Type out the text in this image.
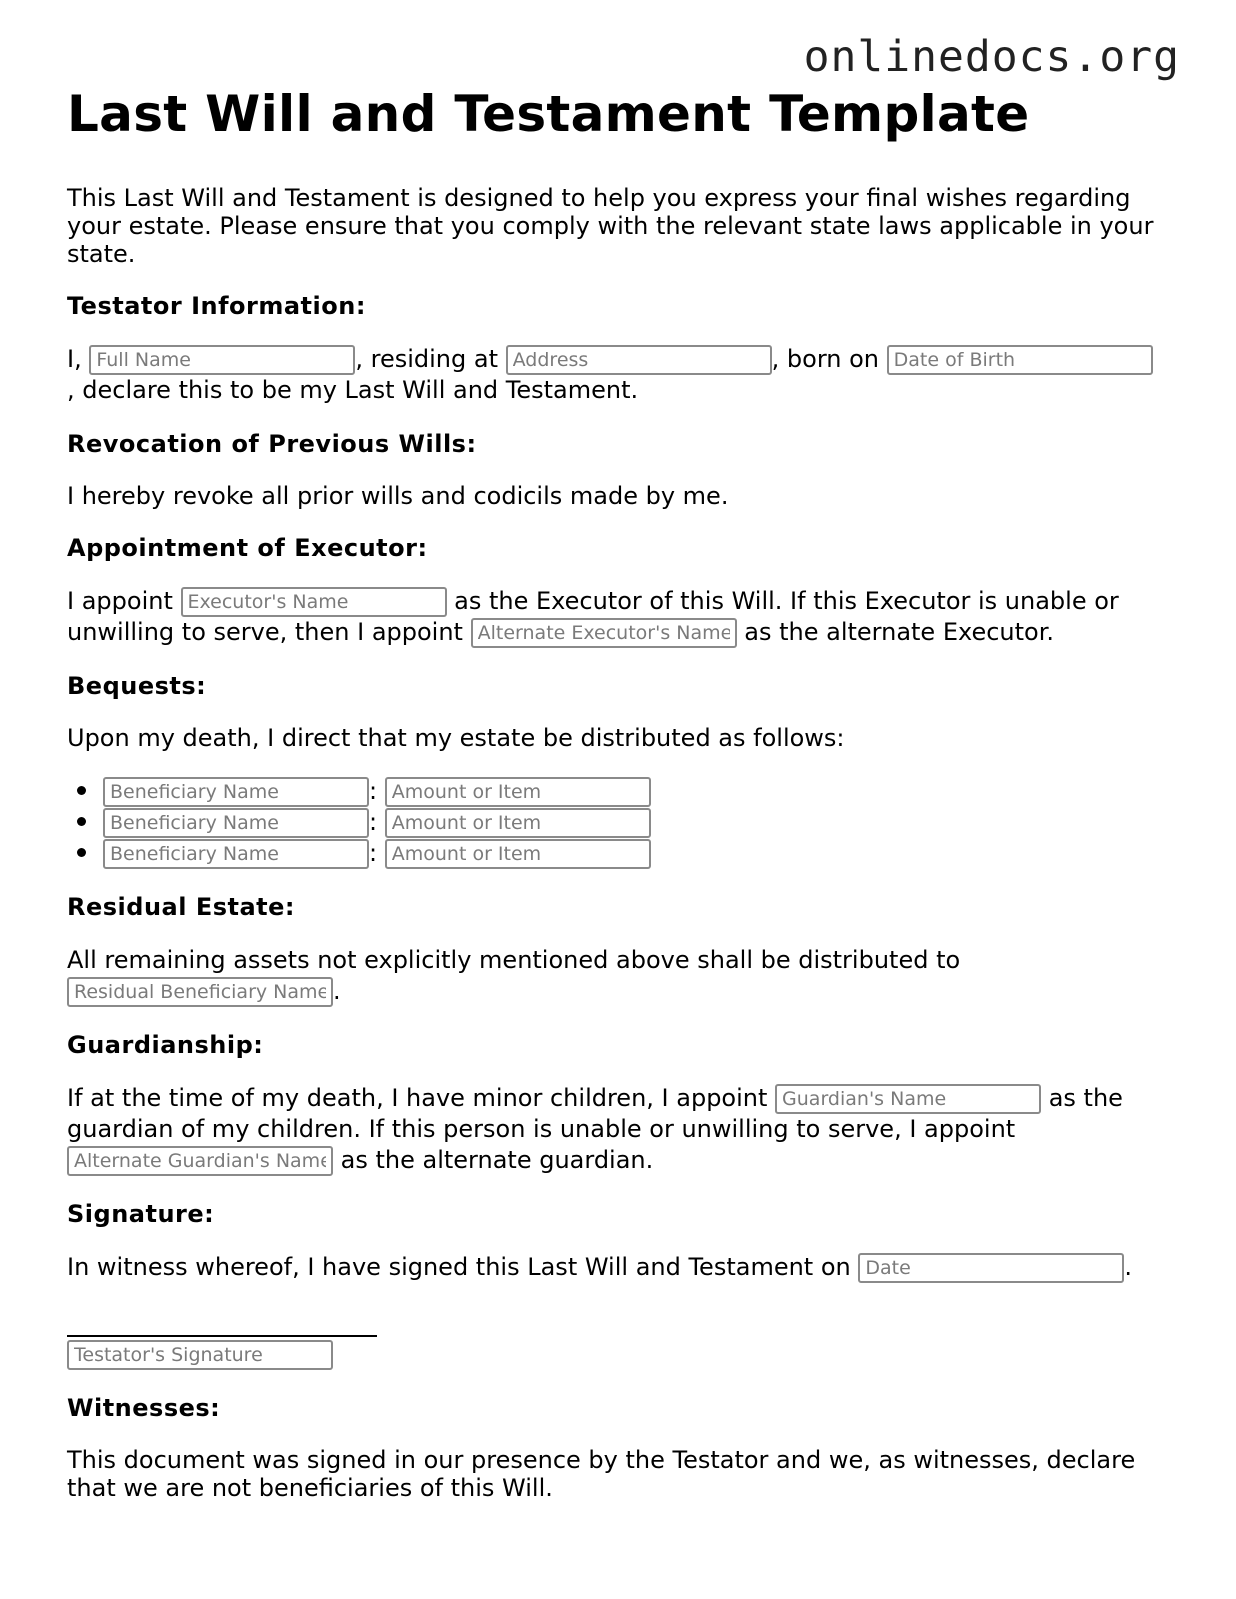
onlinedocs.org
Last Will and Testament Template

This Last Will and Testament is designed to help you express your final wishes regarding your estate. Please ensure that you comply with the relevant state laws applicable in your state.

Testator Information:

I, Full Name	, residing at Address	, born on Date of Birth, declare this to be my Last Will and Testament.

Revocation of Previous Wills:

I hereby revoke all prior wills and codicils made by me.

Appointment of Executor:

I appoint Executor's Name	as the Executor of this Will. If this Executor is unable or unwilling to serve, then I appoint Alternate Executor's Name	as the alternate Executor.

Bequests:

Upon my death, I direct that my estate be distributed as follows:

Beneficiary Name: Amount or Item
Beneficiary Name: Amount or Item
Beneficiary Name: Amount or Item
Residual Estate:

All remaining assets not explicitly mentioned above shall be distributed to Residual Beneficiary Name.

Guardianship:

If at the time of my death, I have minor children, I appoint Guardian's Name	as the guardian of my children. If this person is unable or unwilling to serve, I appoint Alternate Guardian's Name as the alternate guardian.

Signature:

In witness whereof, I have signed this Last Will and Testament on Date	.

Testator's Signature

Witnesses:

This document was signed in our presence by the Testator and we, as witnesses, declare that we are not beneficiaries of this Will.
